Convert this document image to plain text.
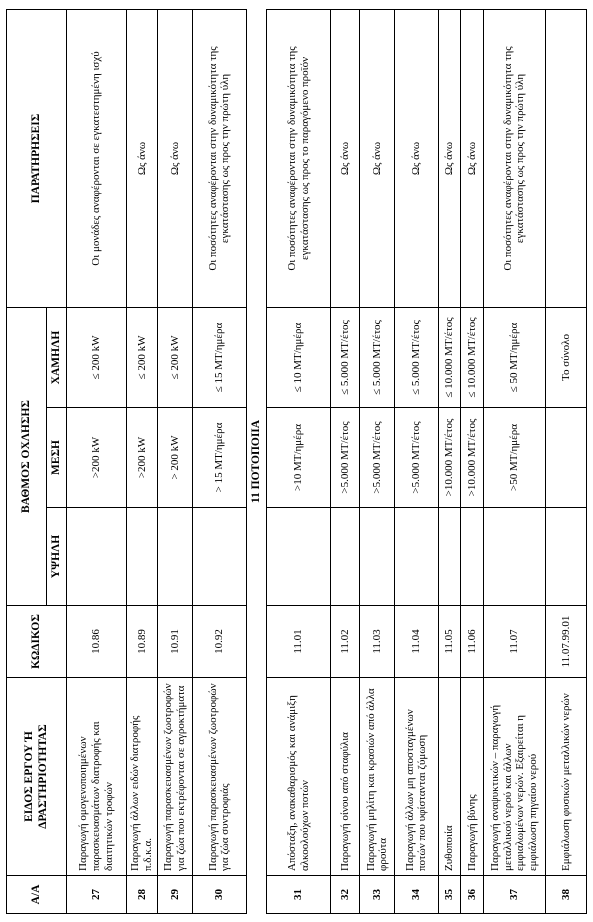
Α/Α	ΕΙΔΟΣ ΕΡΓΟΥ Ή ΔΡΑΣΤΗΡΙΟΤΗΤΑΣ	ΚΩΔΙΚΟΣ	ΒΑΘΜΟΣ ΟΧΛΗΣΗΣ			ΠΑΡΑΤΗΡΗΣΕΙΣ
			ΥΨΗΛΗ	ΜΕΣΗ	ΧΑΜΗΛΗ	
27	Παραγωγή ομογενοποιημένων παρασκευασμάτων διατροφής και διαιτητικών τροφών	10.86		>200 kW	≤ 200 kW	Οι μονάδες αναφέρονται σε εγκατεστημένη ισχύ
28	Παραγωγή άλλων ειδών διατροφής π.δ.κ.α.	10.89		>200 kW	≤ 200 kW	Ως άνω
29	Παραγωγή παρασκευασμένων ζωοτροφών για ζώα που εκτρέφονται σε αγροκτήματα	10.91		> 200 kW	≤ 200 kW	Ως άνω
30	Παραγωγή παρασκευασμένων ζωοτροφών για ζώα συντροφιάς	10.92		> 15 ΜΤ/ημέρα	≤ 15 ΜΤ/ημέρα	Οι ποσότητες αναφέρονται στην δυναμικότητα της εγκατάστασης ως προς την πρώτη ύλη
11 ΠΟΤΟΠΟΙΙΑ						
31	Απόσταξη, ανακαθαρισμός και ανάμιξη αλκοολούχων ποτών	11.01		>10 ΜΤ/ημέρα	≤ 10 ΜΤ/ημέρα	Οι ποσότητες αναφέρονται στην δυναμικότητα της εγκατάστασης ως προς το παραγόμενο προϊόν
32	Παραγωγή οίνου από σταφύλια	11.02		>5.000 ΜΤ/έτος	≤ 5.000 ΜΤ/έτος	Ως άνω
33	Παραγωγή μηλίτη και κρασιών από άλλα φρούτα	11.03		>5.000 ΜΤ/έτος	≤ 5.000 ΜΤ/έτος	Ως άνω
34	Παραγωγή άλλων μη αποσταγμένων ποτών που υφίστανται ζύμωση	11.04		>5.000 ΜΤ/έτος	≤ 5.000 ΜΤ/έτος	Ως άνω
35	Ζυθοποιία	11.05		>10.000 ΜΤ/έτος	≤ 10.000 ΜΤ/έτος	Ως άνω
36	Παραγωγή βύνης	11.06		>10.000 ΜΤ/έτος	≤ 10.000 ΜΤ/έτος	Ως άνω
37	Παραγωγή αναψυκτικών – παραγωγή μεταλλικού νερού και άλλων εμφιαλωμένων νερών. Εξαιρείται η εμφιάλωση πηγαίου νερού	11.07		>50 ΜΤ/ημέρα	≤ 50 ΜΤ/ημέρα	Οι ποσότητες αναφέρονται στην δυναμικότητα της εγκατάστασης ως προς την πρώτη ύλη
38	Εμφιάλωση φυσικών μεταλλικών νερών	11.07.99.01			Το σύνολο	
